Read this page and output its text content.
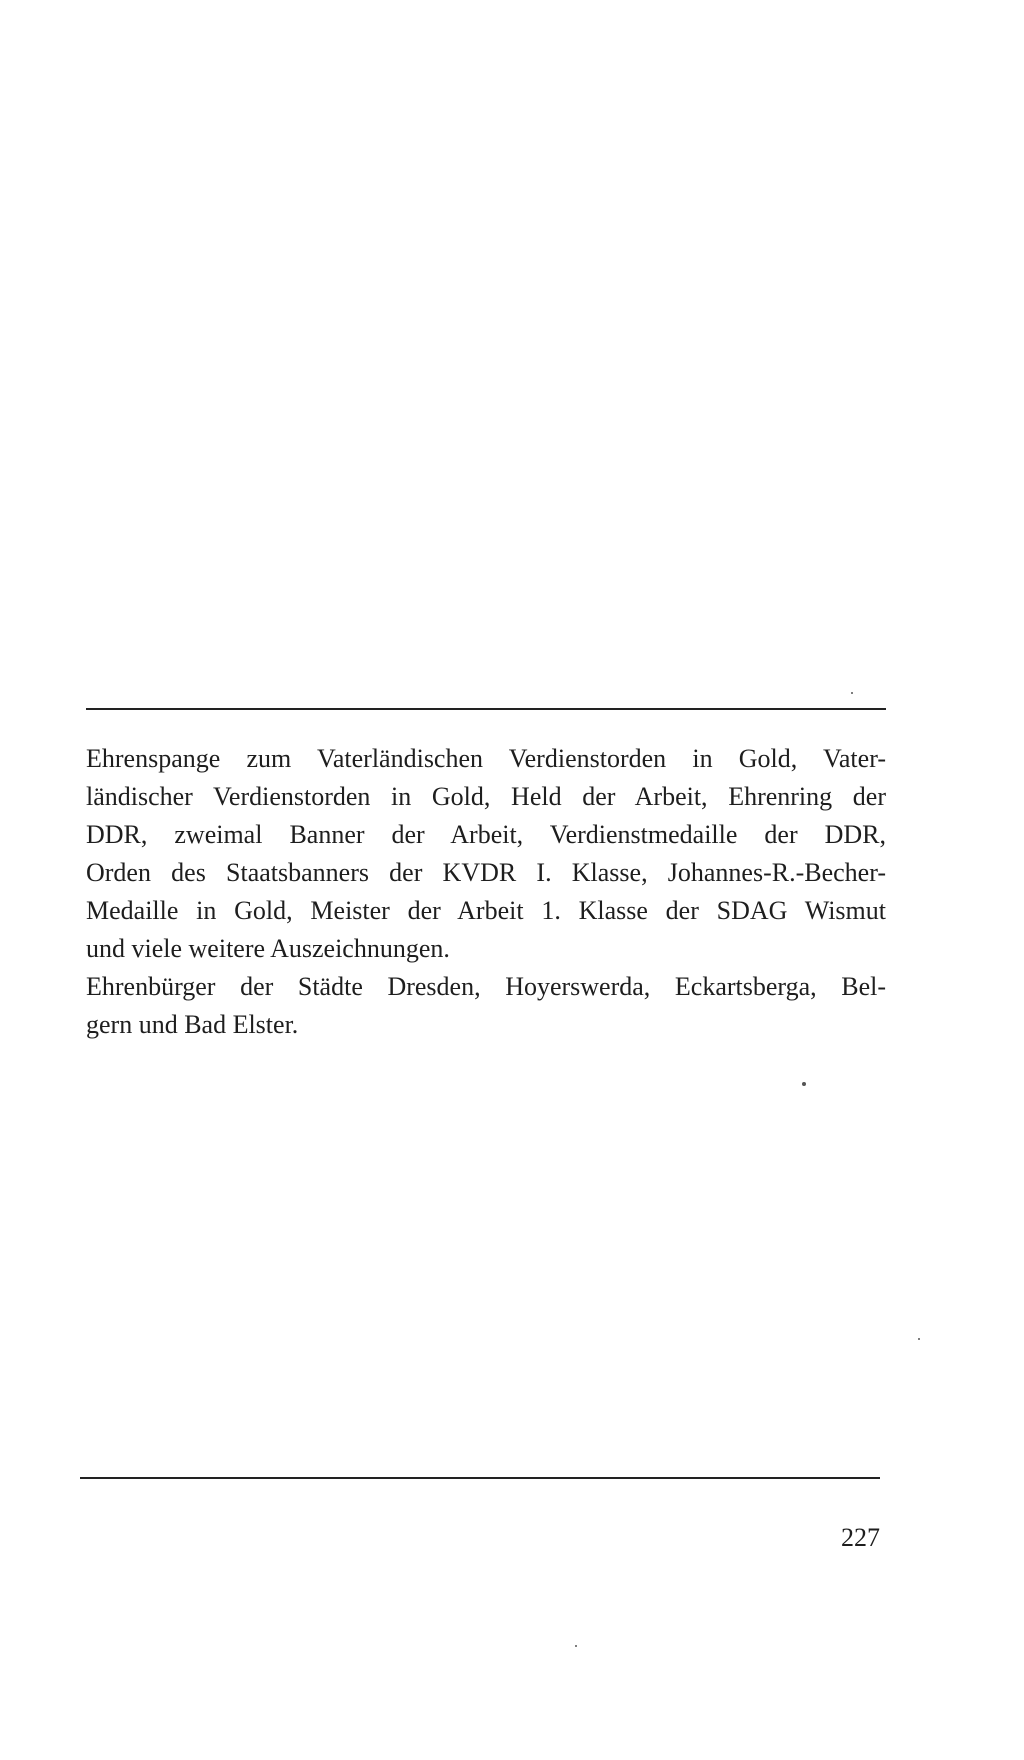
Ehrenspange zum Vaterländischen Verdienstorden in Gold, Vater-
ländischer Verdienstorden in Gold, Held der Arbeit, Ehrenring der
DDR, zweimal Banner der Arbeit, Verdienstmedaille der DDR,
Orden des Staatsbanners der KVDR I. Klasse, Johannes-R.-Becher-
Medaille in Gold, Meister der Arbeit 1. Klasse der SDAG Wismut
und viele weitere Auszeichnungen.
Ehrenbürger der Städte Dresden, Hoyerswerda, Eckartsberga, Bel-
gern und Bad Elster.
227
